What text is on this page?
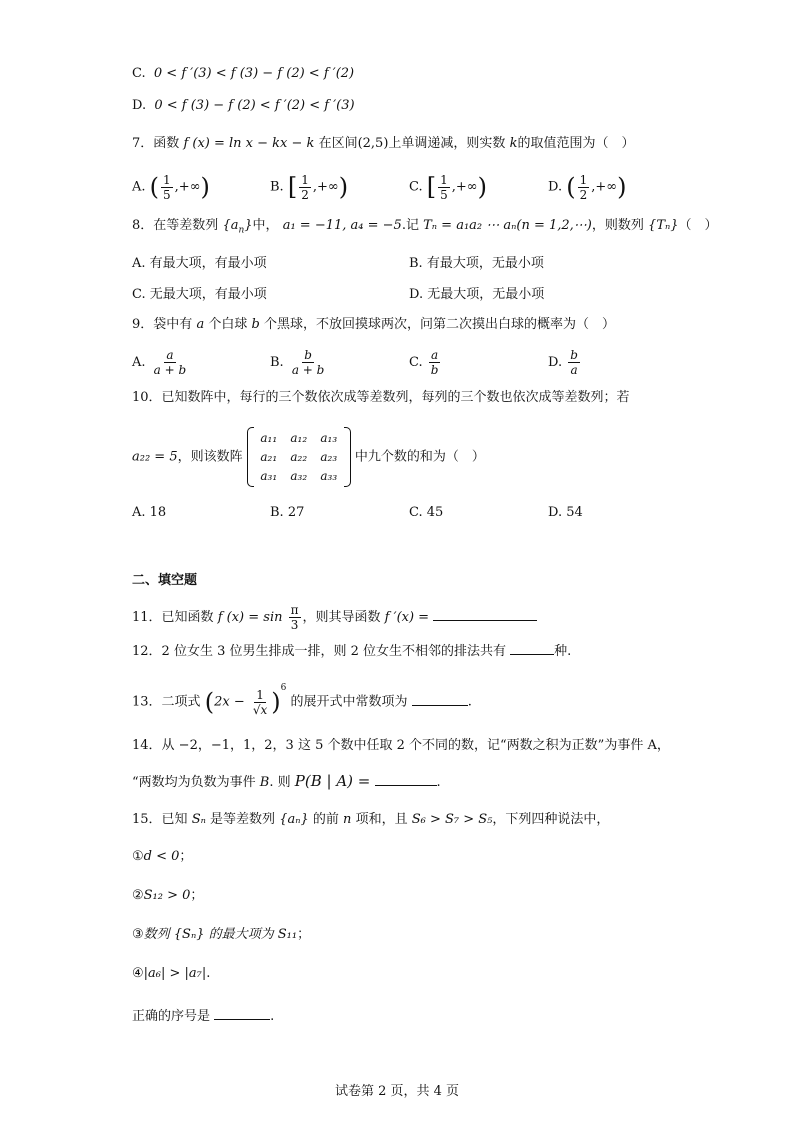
C. 0 < f ′(3) < f (3) − f (2) < f ′(2)
D. 0 < f (3) − f (2) < f ′(2) < f ′(3)
7．函数 f (x) = ln x − kx − k 在区间(2,5)上单调递减，则实数 k的取值范围为（　）
A. ( $\frac{1}{5}$ ,+∞)	B. [ $\frac{1}{2}$ ,+∞)	C. [ $\frac{1}{5}$ ,+∞)	D. ( $\frac{1}{2}$ ,+∞)
8．在等差数列 $\{a_n\}$中， a₁ = −11, a₄ = −5.记 Tₙ = a₁a₂ ⋯ aₙ(n = 1,2,⋯)，则数列 {Tₙ}（　）
A. 有最大项，有最小项	B. 有最大项，无最小项
C. 无最大项，有最小项	D. 无最大项，无最小项
9．袋中有 a 个白球 b 个黑球，不放回摸球两次，问第二次摸出白球的概率为（　）
A. $\frac{a}{a + b}$	B. $\frac{b}{a + b}$	C. $\frac{a}{b}$	D. $\frac{b}{a}$
10．已知数阵中，每行的三个数依次成等差数列，每列的三个数也依次成等差数列；若
a₂₂ = 5，则该数阵
a₁₁	a₁₂	a₁₃
a₂₁	a₂₂	a₂₃
a₃₁	a₃₂	a₃₃
中九个数的和为（　）
A. 18	B. 27	C. 45	D. 54
二、填空题
11．已知函数 f $(x) = \sin \frac{\pi}{3}$ ，则其导函数 f ′(x) =
12．2 位女生 3 位男生排成一排，则 2 位女生不相邻的排法共有	种.
13．二项式 $(2x - \frac{1}{√x} )^6$ 的展开式中常数项为	.
14．从 −2，−1，1，2，3 这 5 个数中任取 2 个不同的数，记“两数之积为正数”为事件 A，
“两数均为负数为事件 B. 则 P(B | A) =	.
15．已知 Sₙ 是等差数列 {aₙ} 的前 n 项和，且 S₆ > S₇ > S₅，下列四种说法中，
①d < 0；
②S₁₂ > 0；
③数列 {Sₙ} 的最大项为 S₁₁；
④|a₆| > |a₇|.
正确的序号是	.
试卷第 2 页，共 4 页
